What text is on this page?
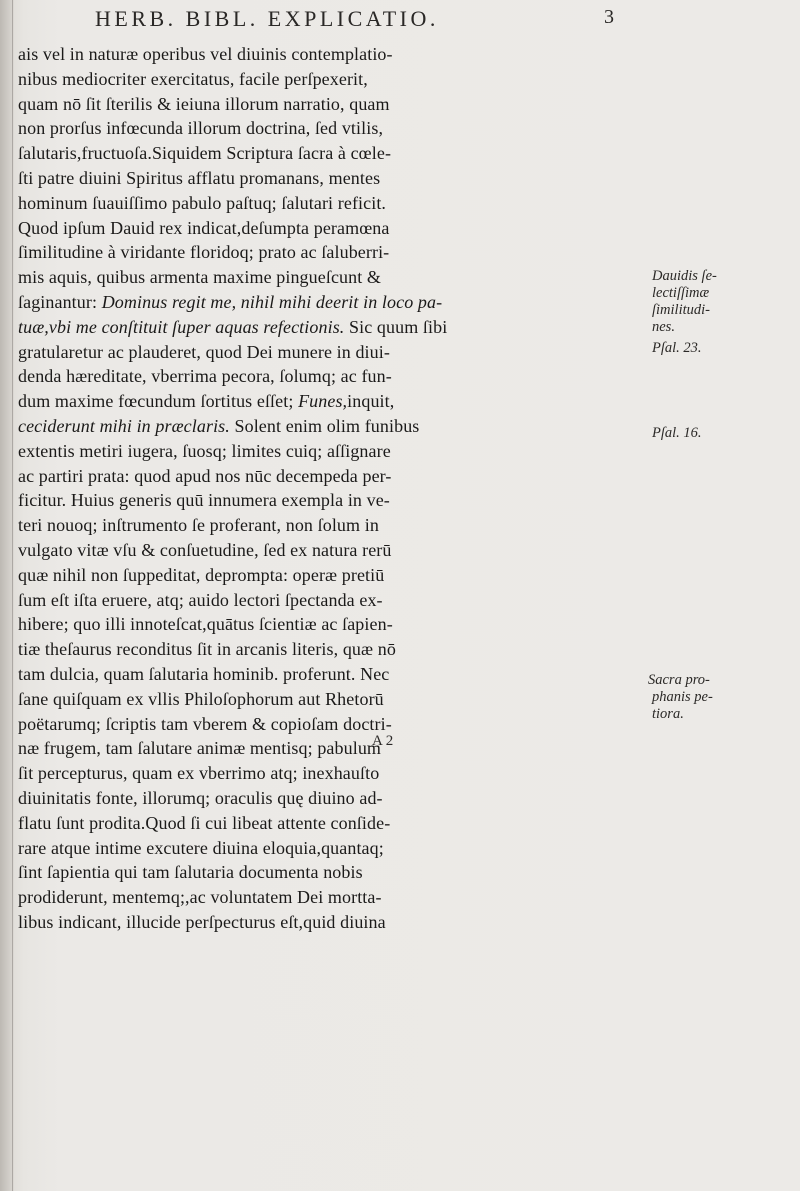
HERB. BIBL. EXPLICATIO.	3
ais vel in naturæ operibus vel diuinis contemplatio-
nibus mediocriter exercitatus, facile perſpexerit,
quam nō ſit ſterilis & ieiuna illorum narratio, quam
non prorſus infœcunda illorum doctrina, ſed vtilis,
ſalutaris,fructuoſa.Siquidem Scriptura ſacra à cœle-
ſti patre diuini Spiritus afflatu promanans, mentes
hominum ſuauiſſimo pabulo paſtuq; ſalutari reficit.
Quod ipſum Dauid rex indicat,deſumpta peramœna
ſimilitudine à viridante floridoq; prato ac ſaluberri-
mis aquis, quibus armenta maxime pingueſcunt &
ſaginantur: Dominus regit me, nihil mihi deerit in loco pa-
tuæ,vbi me conſtituit ſuper aquas refectionis. Sic quum ſibi
gratularetur ac plauderet, quod Dei munere in diui-
denda hæreditate, vberrima pecora, ſolumq; ac fun-
dum maxime fœcundum ſortitus eſſet; Funes,inquit,
ceciderunt mihi in præclaris. Solent enim olim funibus
extentis metiri iugera, ſuosq; limites cuiq; aſſignare
ac partiri prata: quod apud nos nūc decempeda per-
ficitur. Huius generis quū innumera exempla in ve-
teri nouoq; inſtrumento ſe proferant, non ſolum in
vulgato vitæ vſu & conſuetudine, ſed ex natura rerū
quæ nihil non ſuppeditat, deprompta: operæ pretiū
ſum eſt iſta eruere, atq; auido lectori ſpectanda ex-
hibere; quo illi innoteſcat,quātus ſcientiæ ac ſapien-
tiæ theſaurus reconditus ſit in arcanis literis, quæ nō
tam dulcia, quam ſalutaria hominib. proferunt. Nec
ſane quiſquam ex vllis Philoſophorum aut Rhetorū
poëtarumq; ſcriptis tam vberem & copioſam doctri-
næ frugem, tam ſalutare animæ mentisq; pabulum
ſit percepturus, quam ex vberrimo atq; inexhauſto
diuinitatis fonte, illorumq; oraculis quę diuino ad-
flatu ſunt prodita.Quod ſi cui libeat attente conſide-
rare atque intime excutere diuina eloquia,quantaq;
ſint ſapientia qui tam ſalutaria documenta nobis
prodiderunt, mentemq;,ac voluntatem Dei mortta-
libus indicant, illucide perſpecturus eſt,quid diuina
Dauidis ſe-
lectiſſimæ
ſimilitudi-
nes.
Pſal. 23.
Pſal. 16.
Sacra pro-
phanis pe-
tiora.
A 2
